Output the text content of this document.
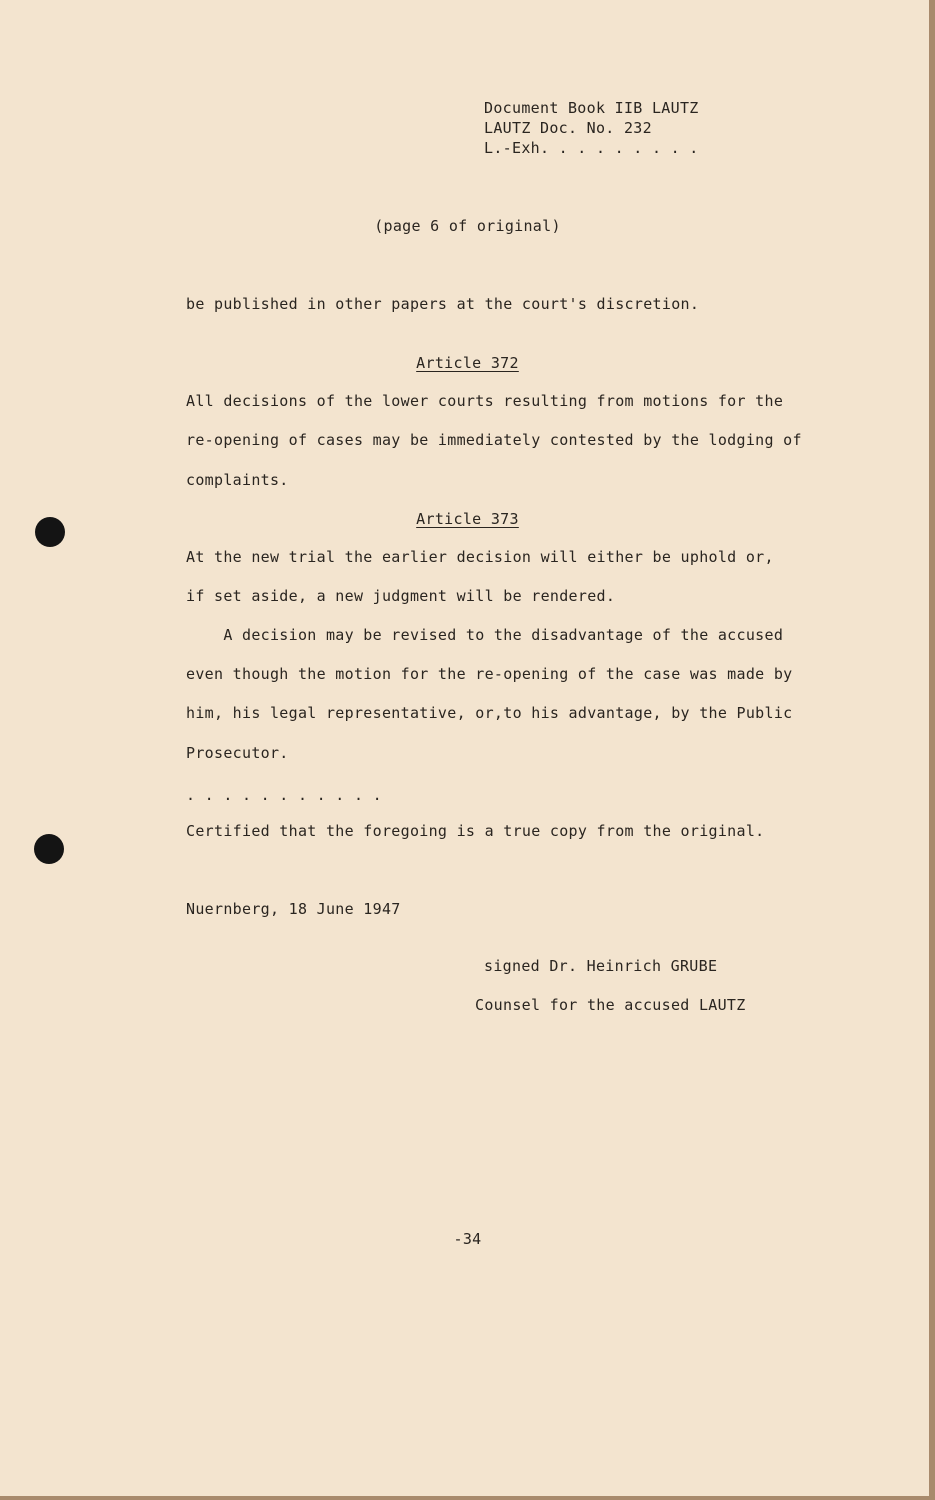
Document Book IIB LAUTZ
LAUTZ Doc. No. 232
L.-Exh. . . . . . . . .
(page 6 of original)
be published in other papers at the court's discretion.
Article 372
All decisions of the lower courts resulting from motions for the
re-opening of cases may be immediately contested by the lodging of
complaints.
Article 373
At the new trial the earlier decision will either be uphold or,
if set aside, a new judgment will be rendered.
A decision may be revised to the disadvantage of the accused
even though the motion for the re-opening of the case was made by
him, his legal representative, or,to his advantage, by the Public
Prosecutor.
. . . . . . . . . . .
Certified that the foregoing is a true copy from the original.
Nuernberg, 18 June 1947
signed Dr. Heinrich GRUBE
Counsel for the accused LAUTZ
-34
